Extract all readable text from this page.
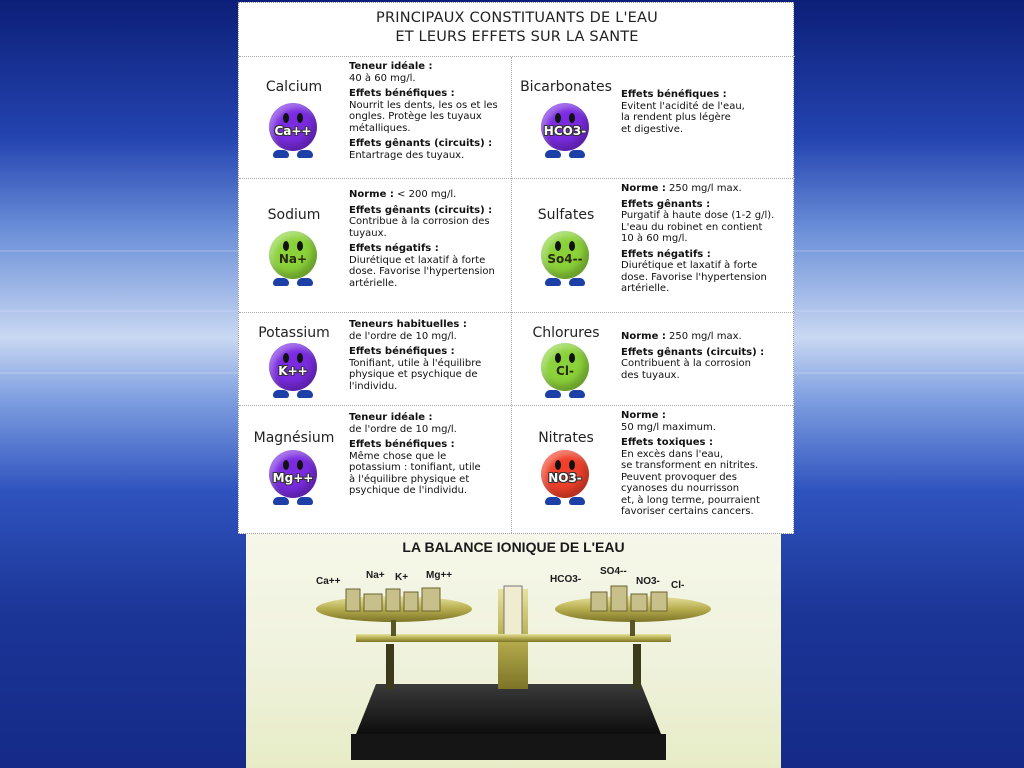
PRINCIPAUX CONSTITUANTS DE L'EAU
ET LEURS EFFETS SUR LA SANTE
Calcium
Ca++

Teneur idéale :
40 à 60 mg/l.

Effets bénéfiques :
Nourrit les dents, les os et les
ongles. Protège les tuyaux
métalliques.

Effets gênants (circuits) :
Entartrage des tuyaux.

Bicarbonates
HCO3-

Effets bénéfiques :
Evitent l'acidité de l'eau,
la rendent plus légère
et digestive.

Sodium
Na+

Norme : < 200 mg/l.

Effets gênants (circuits) :
Contribue à la corrosion des
tuyaux.

Effets négatifs :
Diurétique et laxatif à forte
dose. Favorise l'hypertension
artérielle.

Sulfates
So4--

Norme : 250 mg/l max.

Effets gênants :
Purgatif à haute dose (1-2 g/l).
L'eau du robinet en contient
10 à 60 mg/l.

Effets négatifs :
Diurétique et laxatif à forte
dose. Favorise l'hypertension
artérielle.

Potassium
K++

Teneurs habituelles :
de l'ordre de 10 mg/l.

Effets bénéfiques :
Tonifiant, utile à l'équilibre
physique et psychique de
l'individu.

Chlorures
Cl-

Norme : 250 mg/l max.

Effets gênants (circuits) :
Contribuent à la corrosion
des tuyaux.

Magnésium
Mg++

Teneur idéale :
de l'ordre de 10 mg/l.

Effets bénéfiques :
Même chose que le
potassium : tonifiant, utile
à l'équilibre physique et
psychique de l'individu.

Nitrates
NO3-

Norme :
50 mg/l maximum.

Effets toxiques :
En excès dans l'eau,
se transforment en nitrites.
Peuvent provoquer des
cyanoses du nourrisson
et, à long terme, pourraient
favoriser certains cancers.

LA BALANCE IONIQUE DE L'EAU
Ca++
Na+ K+ Mg++	HCO3-
SO4--
NO3- Cl-
